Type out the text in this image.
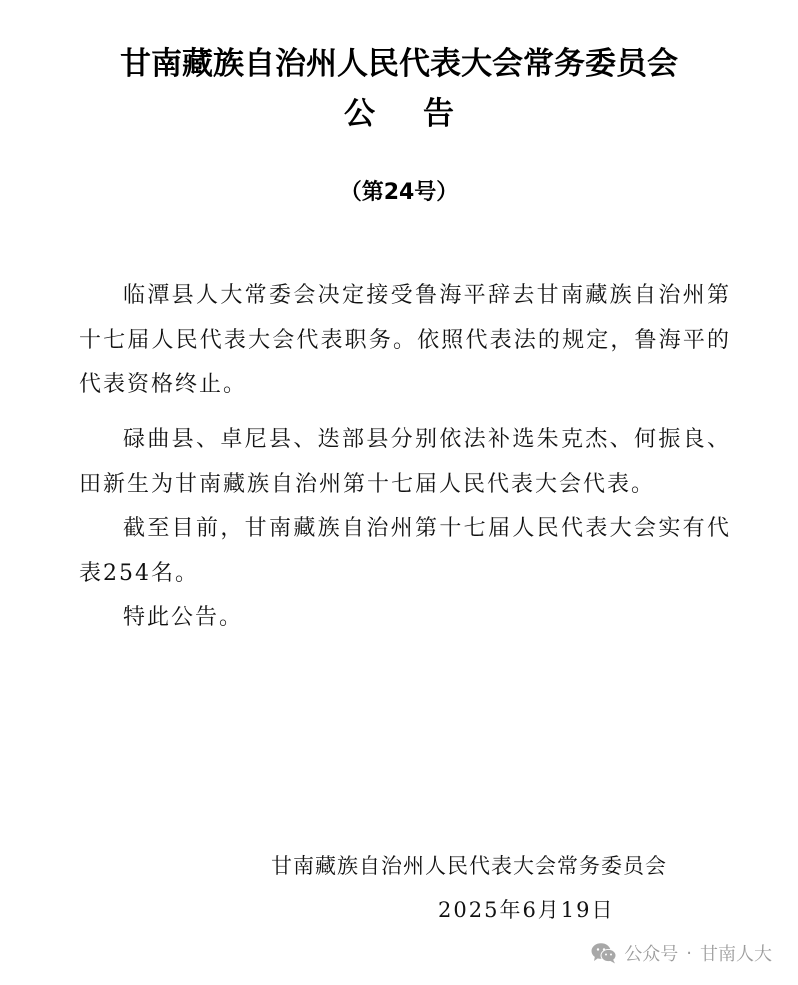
甘南藏族自治州人民代表大会常务委员会
公告
（第24号）

临潭县人大常委会决定接受鲁海平辞去甘南藏族自治州第十七届人民代表大会代表职务。依照代表法的规定，鲁海平的代表资格终止。

碌曲县、卓尼县、迭部县分别依法补选朱克杰、何振良、田新生为甘南藏族自治州第十七届人民代表大会代表。

截至目前，甘南藏族自治州第十七届人民代表大会实有代表254名。

特此公告。

甘南藏族自治州人民代表大会常务委员会
2025年6月19日
公众号 · 甘南人大
